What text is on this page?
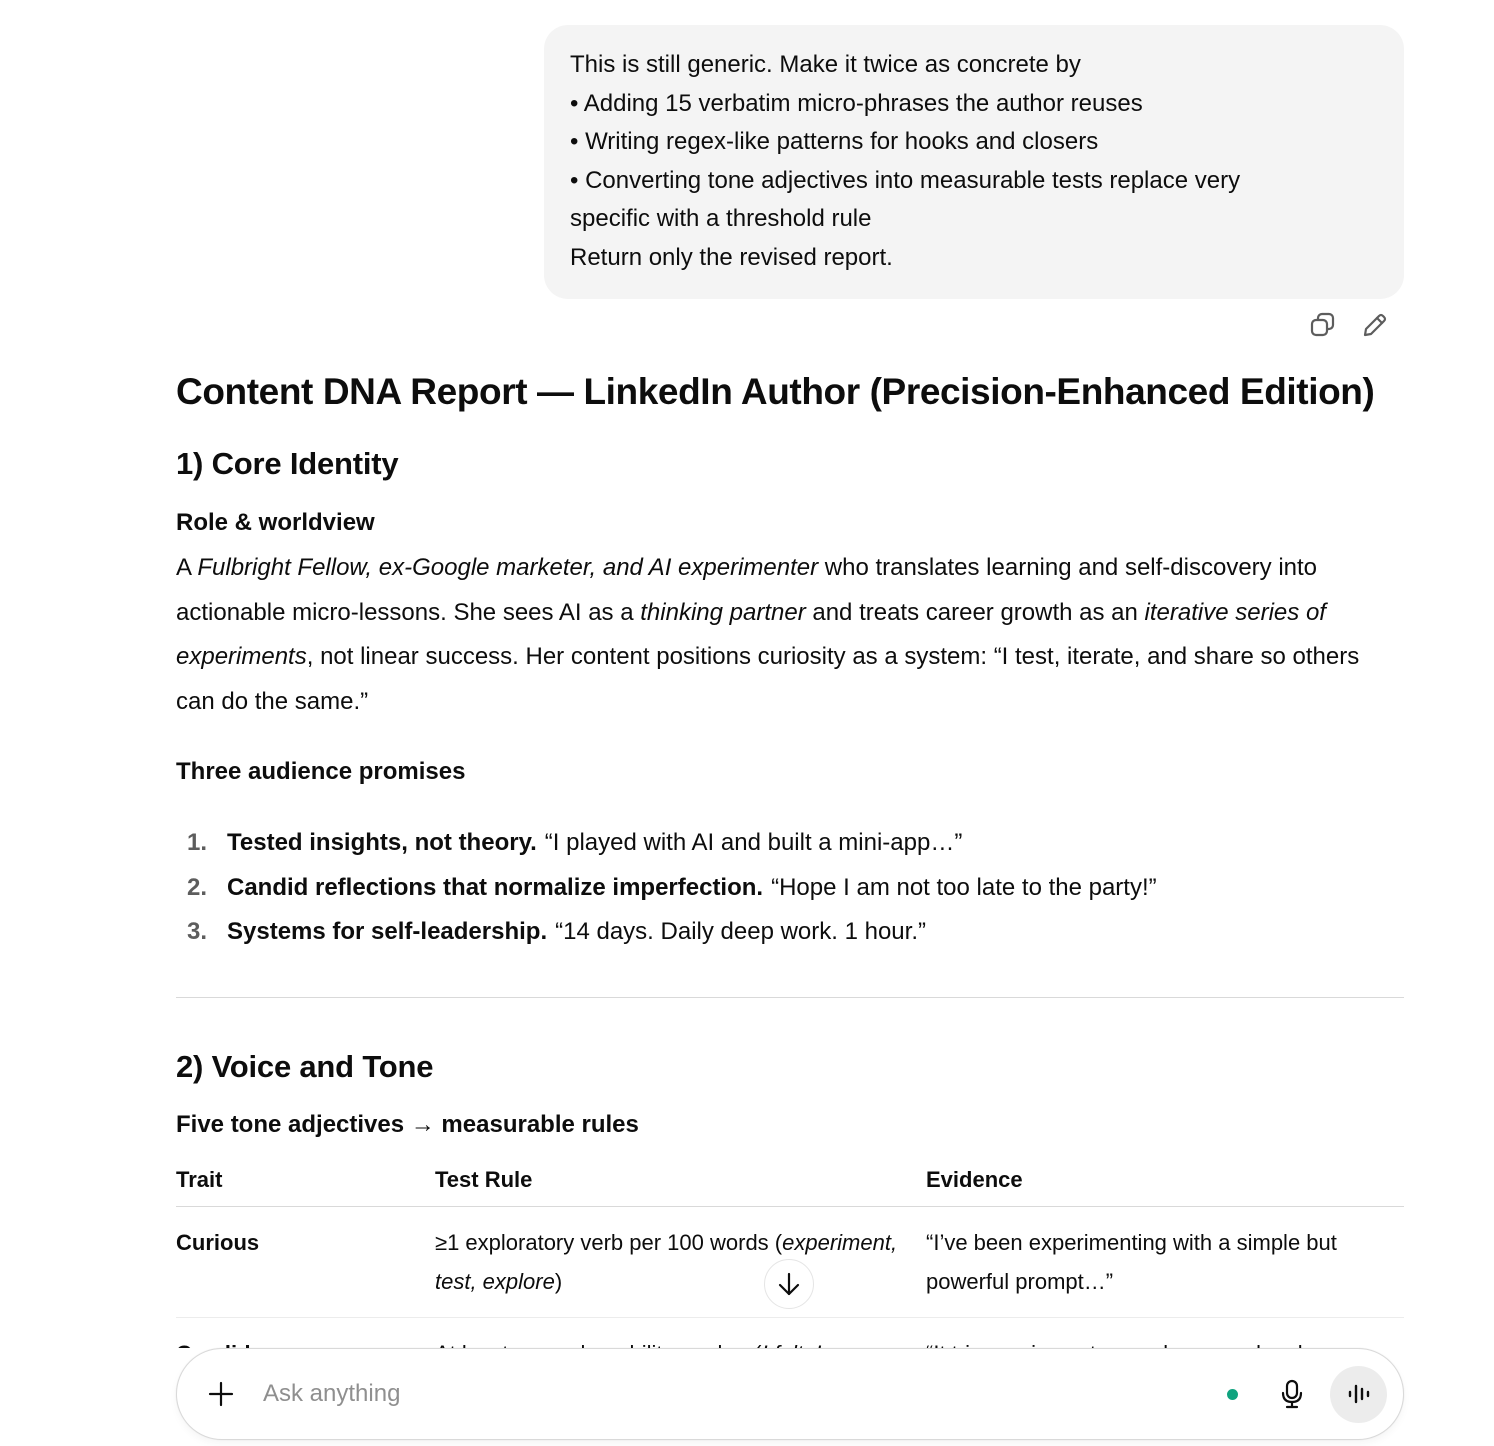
This is still generic. Make it twice as concrete by
• Adding 15 verbatim micro-phrases the author reuses
• Writing regex-like patterns for hooks and closers
• Converting tone adjectives into measurable tests replace very
specific with a threshold rule
Return only the revised report.
Content DNA Report — LinkedIn Author (Precision-Enhanced Edition)
1) Core Identity
Role & worldview

A Fulbright Fellow, ex-Google marketer, and AI experimenter who translates learning and self-discovery into actionable micro-lessons. She sees AI as a thinking partner and treats career growth as an iterative series of experiments, not linear success. Her content positions curiosity as a system: “I test, iterate, and share so others can do the same.”

Three audience promises
1. Tested insights, not theory. “I played with AI and built a mini-app…”
2. Candid reflections that normalize imperfection. “Hope I am not too late to the party!”
3. Systems for self-leadership. “14 days. Daily deep work. 1 hour.”
2) Voice and Tone
Five tone adjectives → measurable rules
Trait	Test Rule	Evidence
Curious	≥1 exploratory verb per 100 words (experiment, test, explore)	“I’ve been experimenting with a simple but powerful prompt…”

Ask anything
